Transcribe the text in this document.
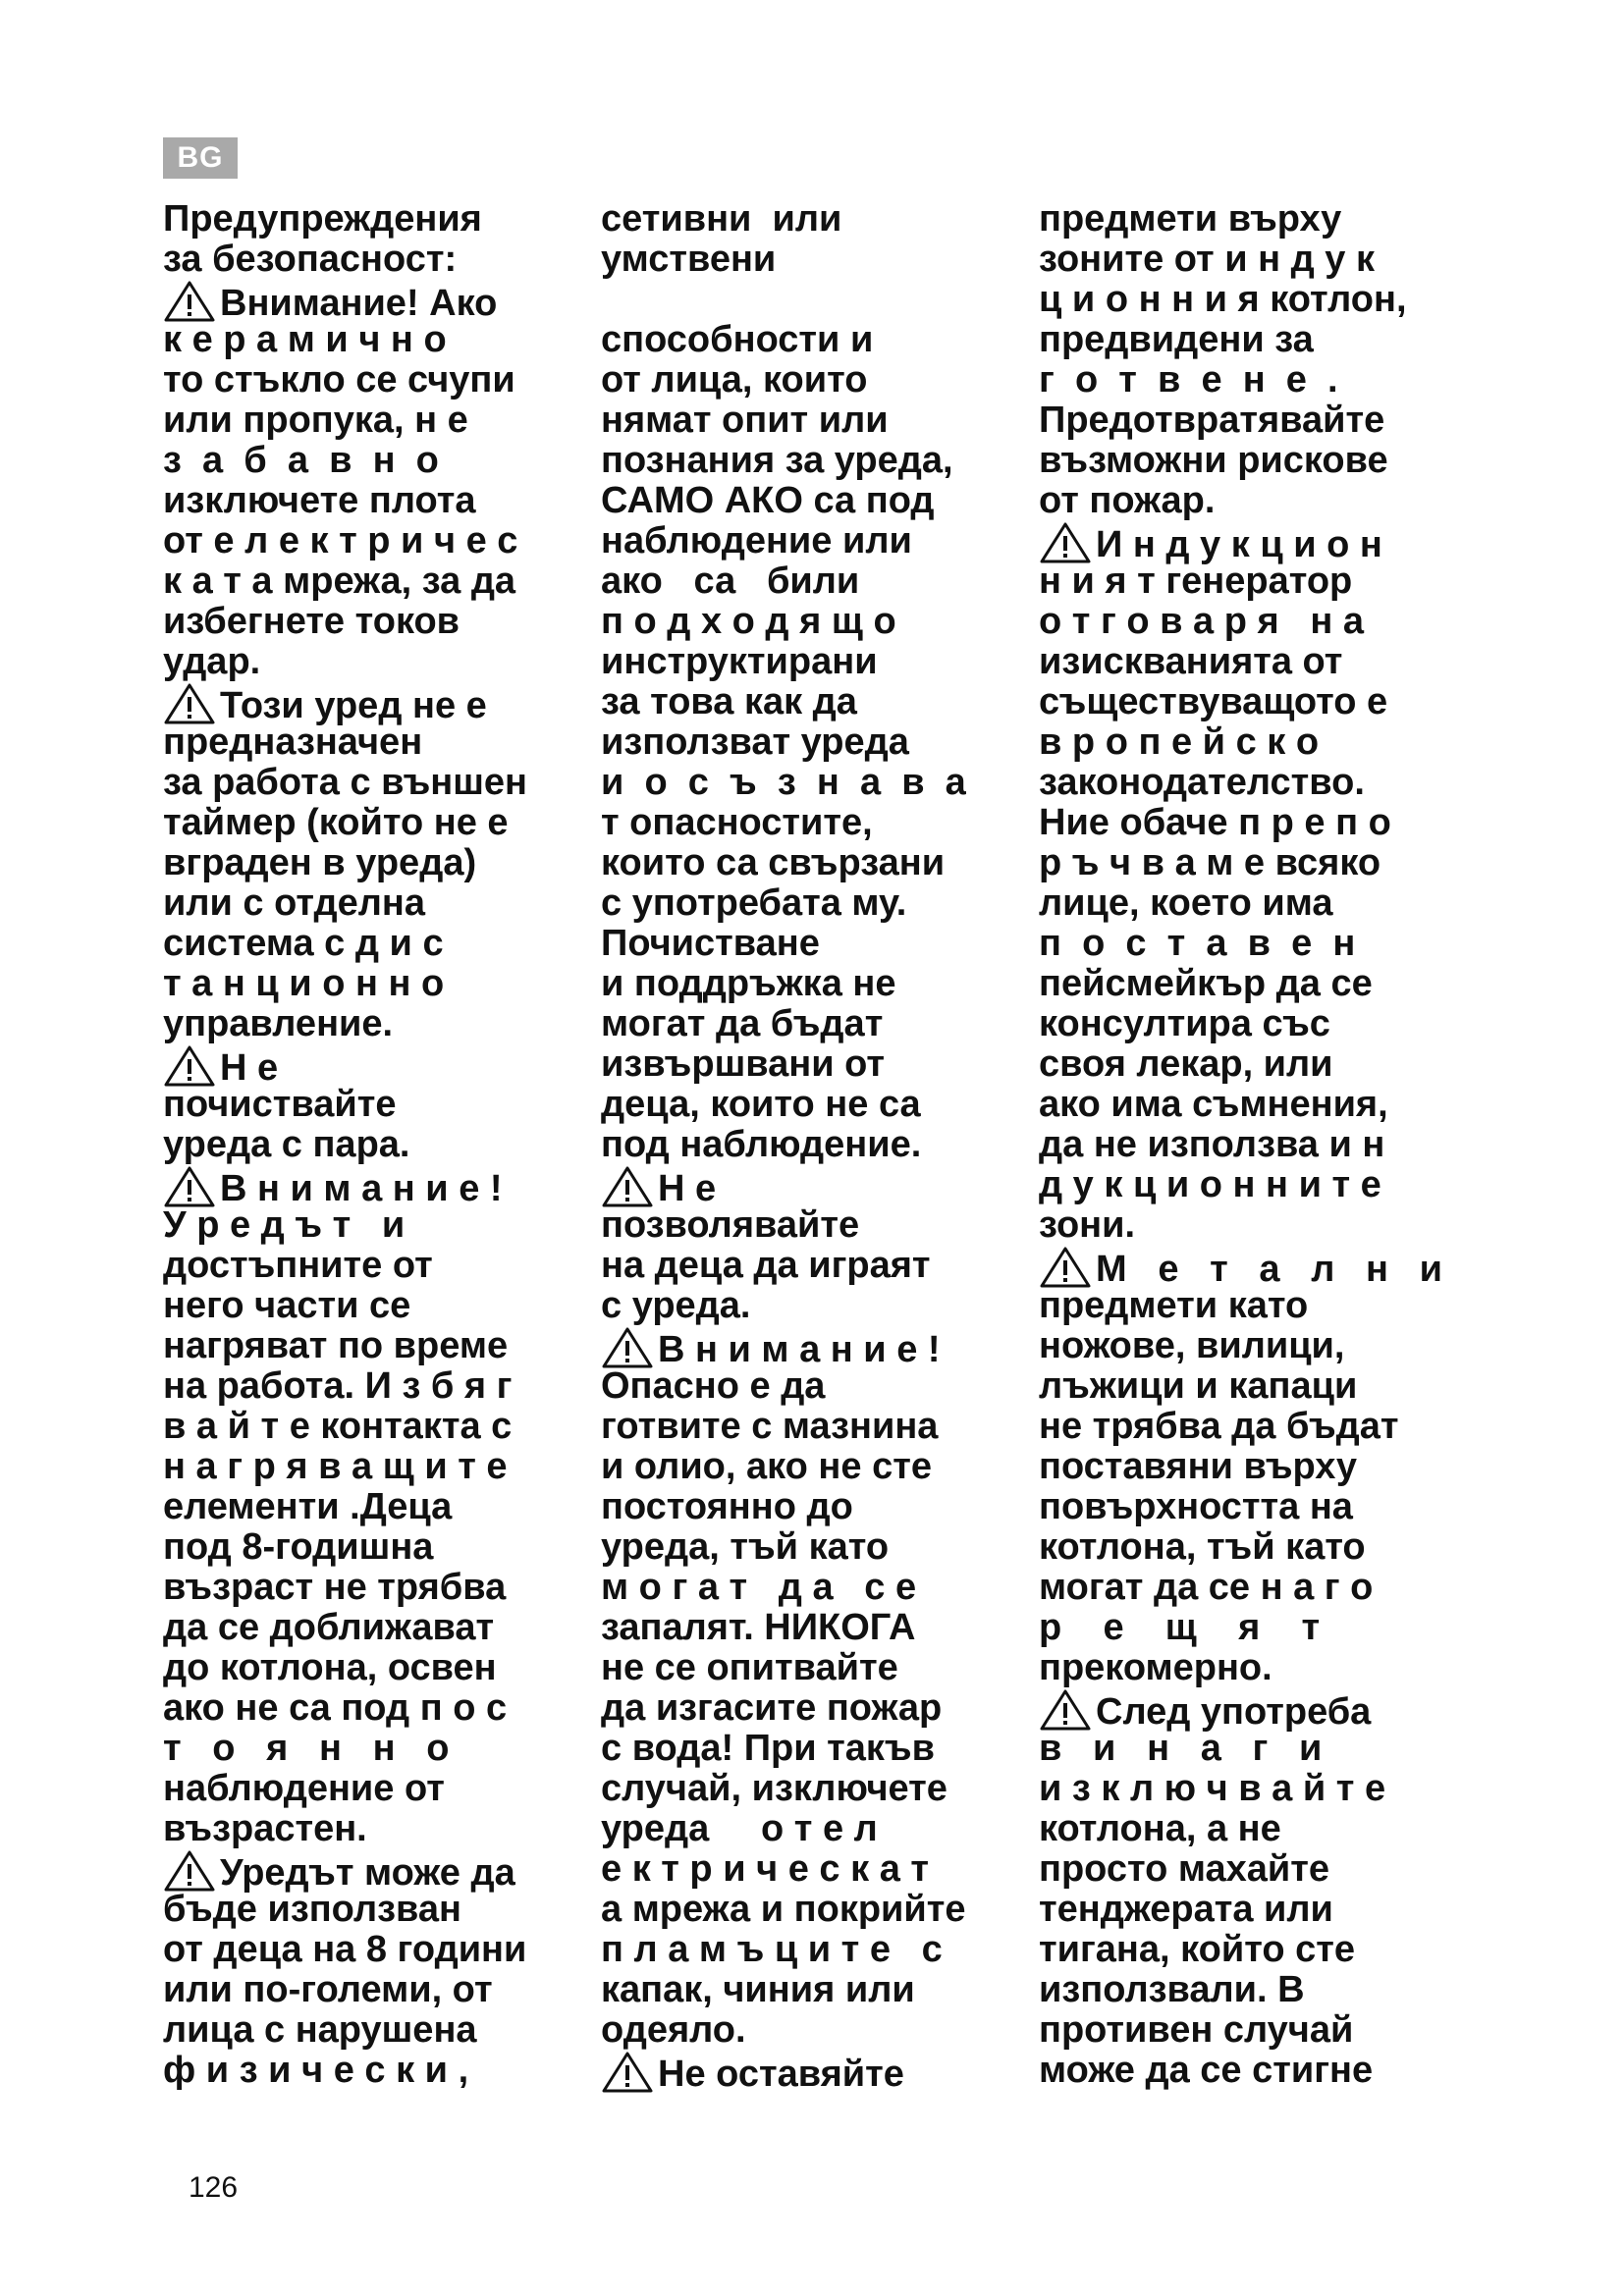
BG
Предупреждения
за безопасност:
Внимание! Ако
к е р а м и ч н о
то стъкло се счупи
или пропука, н е
з  а  б  а  в  н  о
изключете плота
от е л е к т р и ч е с
к а т а мрежа, за да
избегнете токов
удар.
Този уред не е
предназначен
за работа с външен
таймер (който не е
вграден в уреда)
или с отделна
система с д и с
т а н ц и о н н о
управление.
Н е
почиствайте
уреда с пара.
В н и м а н и е !
У р е д ъ т   и
достъпните от
него части се
нагряват по време
на работа. И з б я г
в а й т е контакта с
н а г р я в а щ и т е
елементи .Деца
под 8-годишна
възраст не трябва
да се доближават
до котлона, освен
ако не са под п о с
т   о   я   н   н   о
наблюдение от
възрастен.
Уредът може да
бъде използван
от деца на 8 години
или по-големи, от
лица с нарушена
ф и з и ч е с к и ,
сетивни  или
умствени
способности и
от лица, които
нямат опит или
познания за уреда,
САМО АКО са под
наблюдение или
ако   са   били
п о д х о д я щ о
инструктирани
за това как да
използват уреда
и  о  с  ъ  з  н  а  в  а
т опасностите,
които са свързани
с употребата му.
Почистване
и поддръжка не
могат да бъдат
извършвани от
деца, които не са
под наблюдение.
Н е
позволявайте
на деца да играят
с уреда.
В н и м а н и е !
Опасно е да
готвите с мазнина
и олио, ако не сте
постоянно до
уреда, тъй като
м о г а т   д а   с е
запалят. НИКОГА
не се опитвайте
да изгасите пожар
с вода! При такъв
случай, изключете
уреда     о т е л
е к т р и ч е с к а т
а мрежа и покрийте
п л а м ъ ц и т е   с
капак, чиния или
одеяло.
Не оставяйте
предмети върху
зоните от и н д у к
ц и о н н и я котлон,
предвидени за
г  о  т  в  е  н  е  .
Предотвратявайте
възможни рискове
от пожар.
И н д у к ц и о н
н и я т генератор
о т г о в а р я   н а
изискванията от
съществуващото е
в р о п е й с к о
законодателство.
Ние обаче п р е п о
р ъ ч в а м е всяко
лице, което има
п  о  с  т  а  в  е  н
пейсмейкър да се
консултира със
своя лекар, или
ако има съмнения,
да не използва и н
д у к ц и о н н и т е
зони.
М   е   т   а   л   н   и
предмети като
ножове, вилици,
лъжици и капаци
не трябва да бъдат
поставяни върху
повърхността на
котлона, тъй като
могат да се н а г о
р    е    щ    я    т
прекомерно.
След употреба
в   и   н   а   г   и
и з к л ю ч в а й т е
котлона, а не
просто махайте
тенджерата или
тигана, който сте
използвали. В
противен случай
може да се стигне
126
